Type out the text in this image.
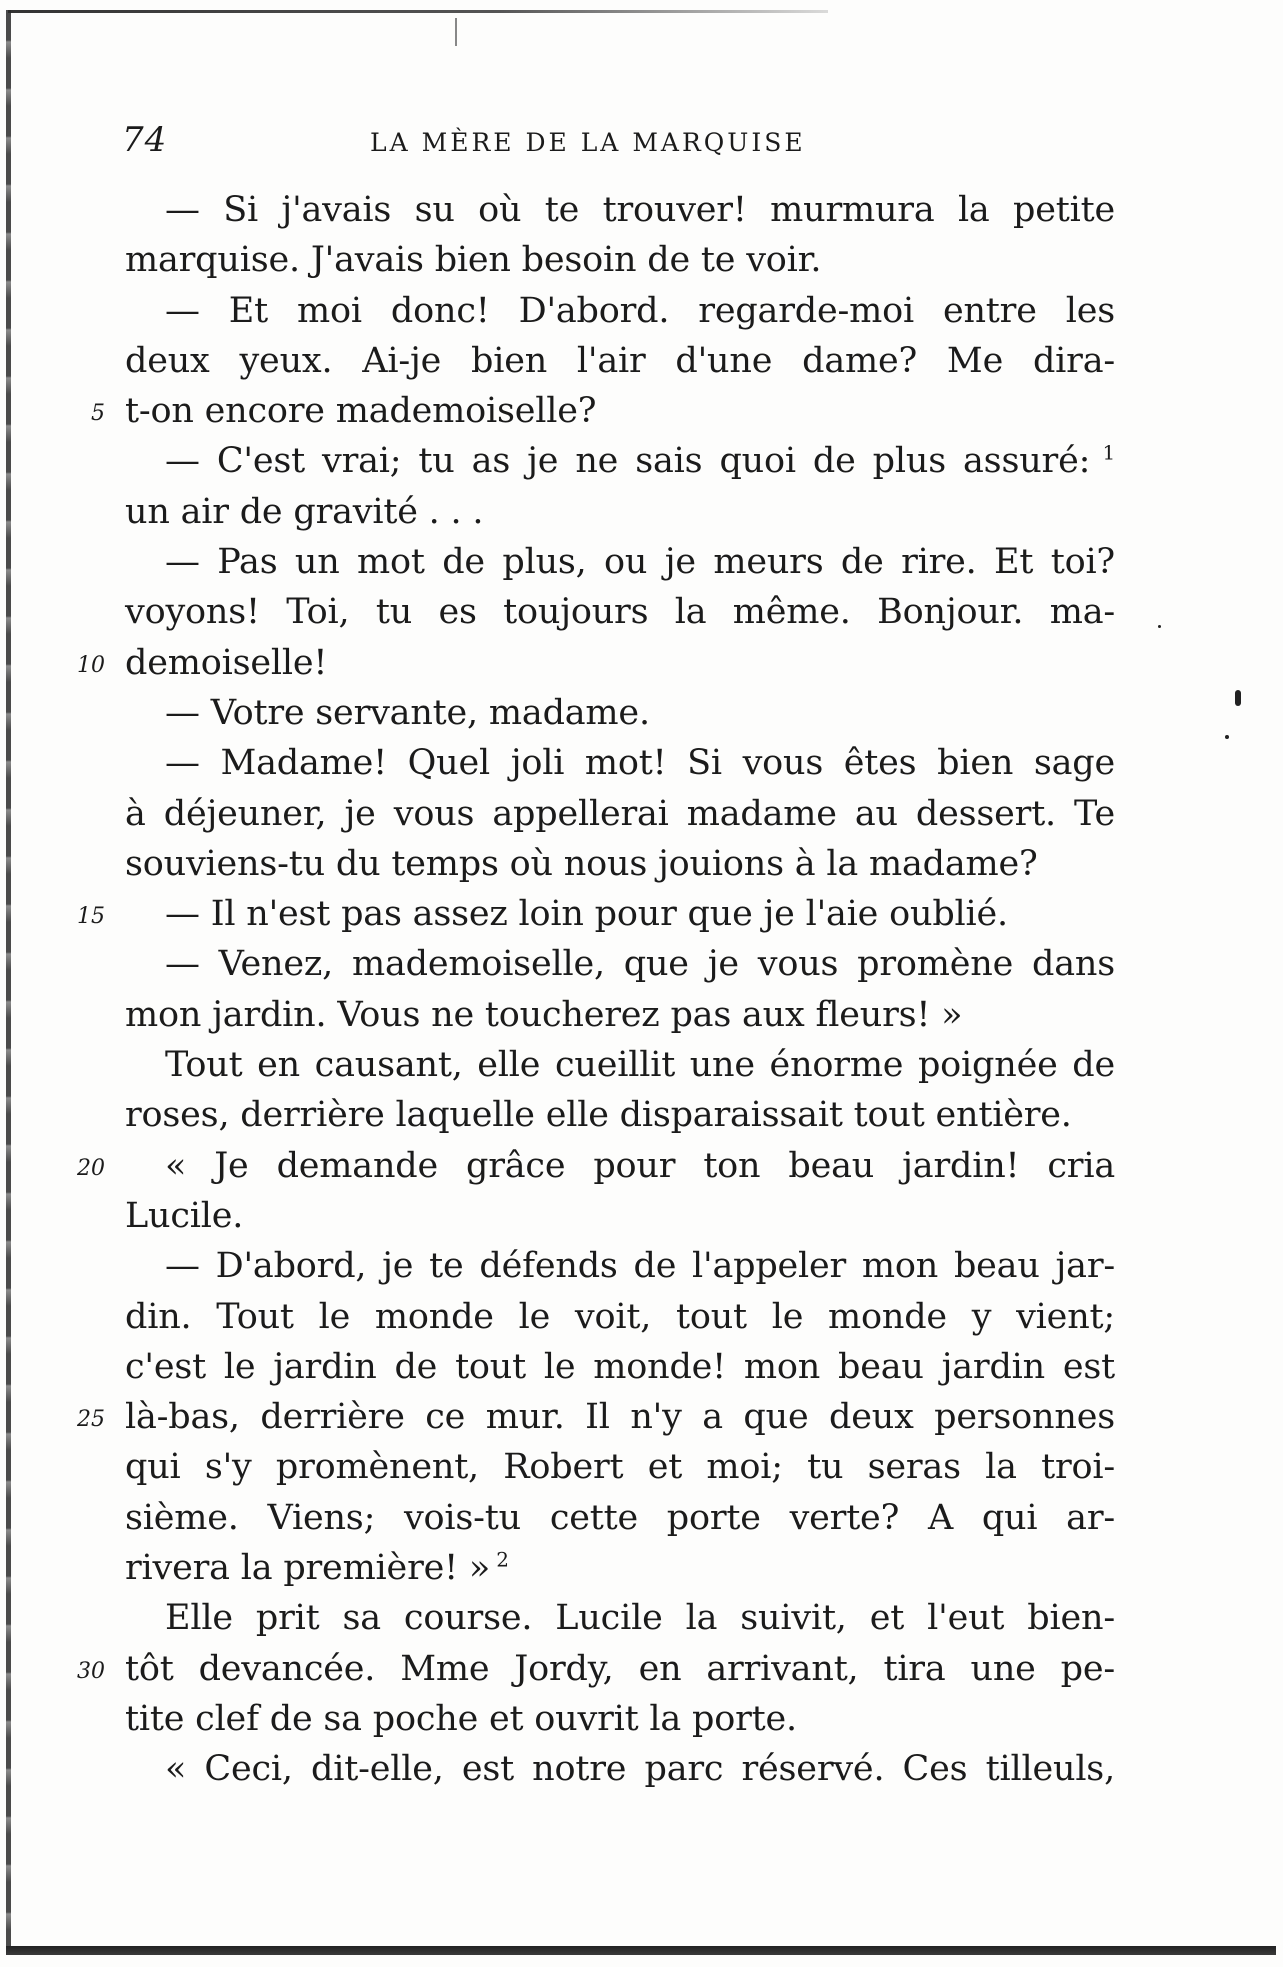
74	LA MÈRE DE LA MARQUISE
— Si j'avais su où te trouver! murmura la petite
marquise. J'avais bien besoin de te voir.
— Et moi donc! D'abord. regarde-moi entre les
deux yeux. Ai-je bien l'air d'une dame? Me dira-
5 t-on encore mademoiselle?
— C'est vrai; tu as je ne sais quoi de plus assuré: $^1$
un air de gravité . . .
— Pas un mot de plus, ou je meurs de rire. Et toi?
voyons! Toi, tu es toujours la même. Bonjour. ma-
10 demoiselle!
— Votre servante, madame.
— Madame! Quel joli mot! Si vous êtes bien sage
à déjeuner, je vous appellerai madame au dessert. Te
souviens-tu du temps où nous jouions à la madame?
15	— Il n'est pas assez loin pour que je l'aie oublié.
— Venez, mademoiselle, que je vous promène dans
mon jardin. Vous ne toucherez pas aux fleurs! »
Tout en causant, elle cueillit une énorme poignée de
roses, derrière laquelle elle disparaissait tout entière.
20	« Je demande grâce pour ton beau jardin! cria
Lucile.
— D'abord, je te défends de l'appeler mon beau jar-
din. Tout le monde le voit, tout le monde y vient;
c'est le jardin de tout le monde! mon beau jardin est
25 là-bas, derrière ce mur. Il n'y a que deux personnes
qui s'y promènent, Robert et moi; tu seras la troi-
sième. Viens; vois-tu cette porte verte? A qui ar-
rivera la première! » $^2$
Elle prit sa course. Lucile la suivit, et l'eut bien-
30 tôt devancée. Mme Jordy, en arrivant, tira une pe-
tite clef de sa poche et ouvrit la porte.
« Ceci, dit-elle, est notre parc réservé. Ces tilleuls,
